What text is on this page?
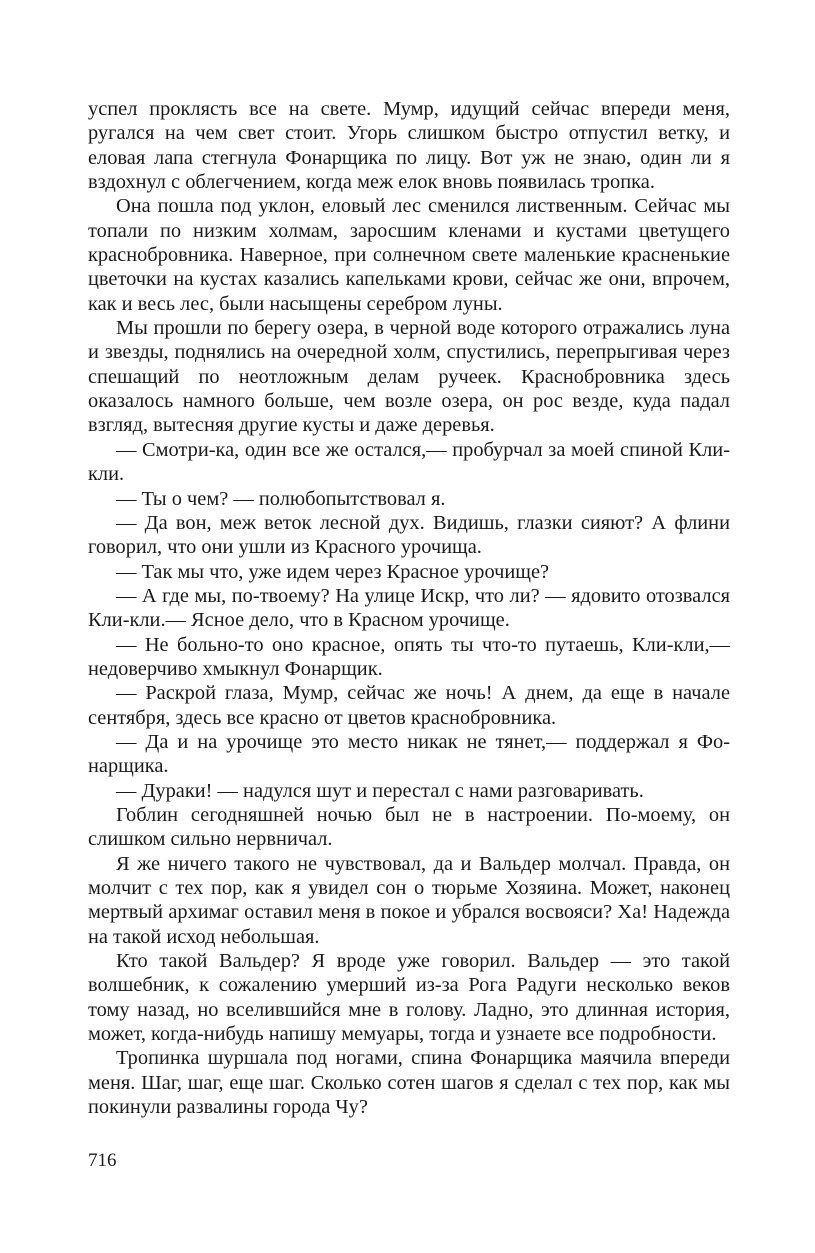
успел проклясть все на свете. Мумр, идущий сейчас впереди меня, ругался на чем свет стоит. Угорь слишком быстро отпустил ветку, и еловая лапа стегнула Фонарщика по лицу. Вот уж не знаю, один ли я вздохнул с облегчением, когда меж елок вновь появилась тропка.

Она пошла под уклон, еловый лес сменился лиственным. Сейчас мы топали по низким холмам, заросшим кленами и кустами цветущего краснобровника. Наверное, при солнечном свете маленькие красненькие цветочки на кустах казались капельками крови, сейчас же они, впрочем, как и весь лес, были насыщены серебром луны.

Мы прошли по берегу озера, в черной воде которого отражались луна и звезды, поднялись на очередной холм, спустились, перепрыгивая через спешащий по неотложным делам ручеек. Краснобровника здесь оказалось намного больше, чем возле озера, он рос везде, куда падал взгляд, вытесняя другие кусты и даже деревья.

— Смотри-ка, один все же остался,— пробурчал за моей спиной Кли-кли.

— Ты о чем? — полюбопытствовал я.

— Да вон, меж веток лесной дух. Видишь, глазки сияют? А флини говорил, что они ушли из Красного урочища.

— Так мы что, уже идем через Красное урочище?

— А где мы, по-твоему? На улице Искр, что ли? — ядовито отозвался Кли-кли.— Ясное дело, что в Красном урочище.

— Не больно-то оно красное, опять ты что-то путаешь, Кли-кли,— недоверчиво хмыкнул Фонарщик.

— Раскрой глаза, Мумр, сейчас же ночь! А днем, да еще в начале сентября, здесь все красно от цветов краснобровника.

— Да и на урочище это место никак не тянет,— поддержал я Фонарщика.

— Дураки! — надулся шут и перестал с нами разговаривать.

Гоблин сегодняшней ночью был не в настроении. По-моему, он слишком сильно нервничал.

Я же ничего такого не чувствовал, да и Вальдер молчал. Правда, он молчит с тех пор, как я увидел сон о тюрьме Хозяина. Может, наконец мертвый архимаг оставил меня в покое и убрался восвояси? Ха! Надежда на такой исход небольшая.

Кто такой Вальдер? Я вроде уже говорил. Вальдер — это такой волшебник, к сожалению умерший из-за Рога Радуги несколько веков тому назад, но вселившийся мне в голову. Ладно, это длинная история, может, когда-нибудь напишу мемуары, тогда и узнаете все подробности.

Тропинка шуршала под ногами, спина Фонарщика маячила впереди меня. Шаг, шаг, еще шаг. Сколько сотен шагов я сделал с тех пор, как мы покинули развалины города Чу?

716
